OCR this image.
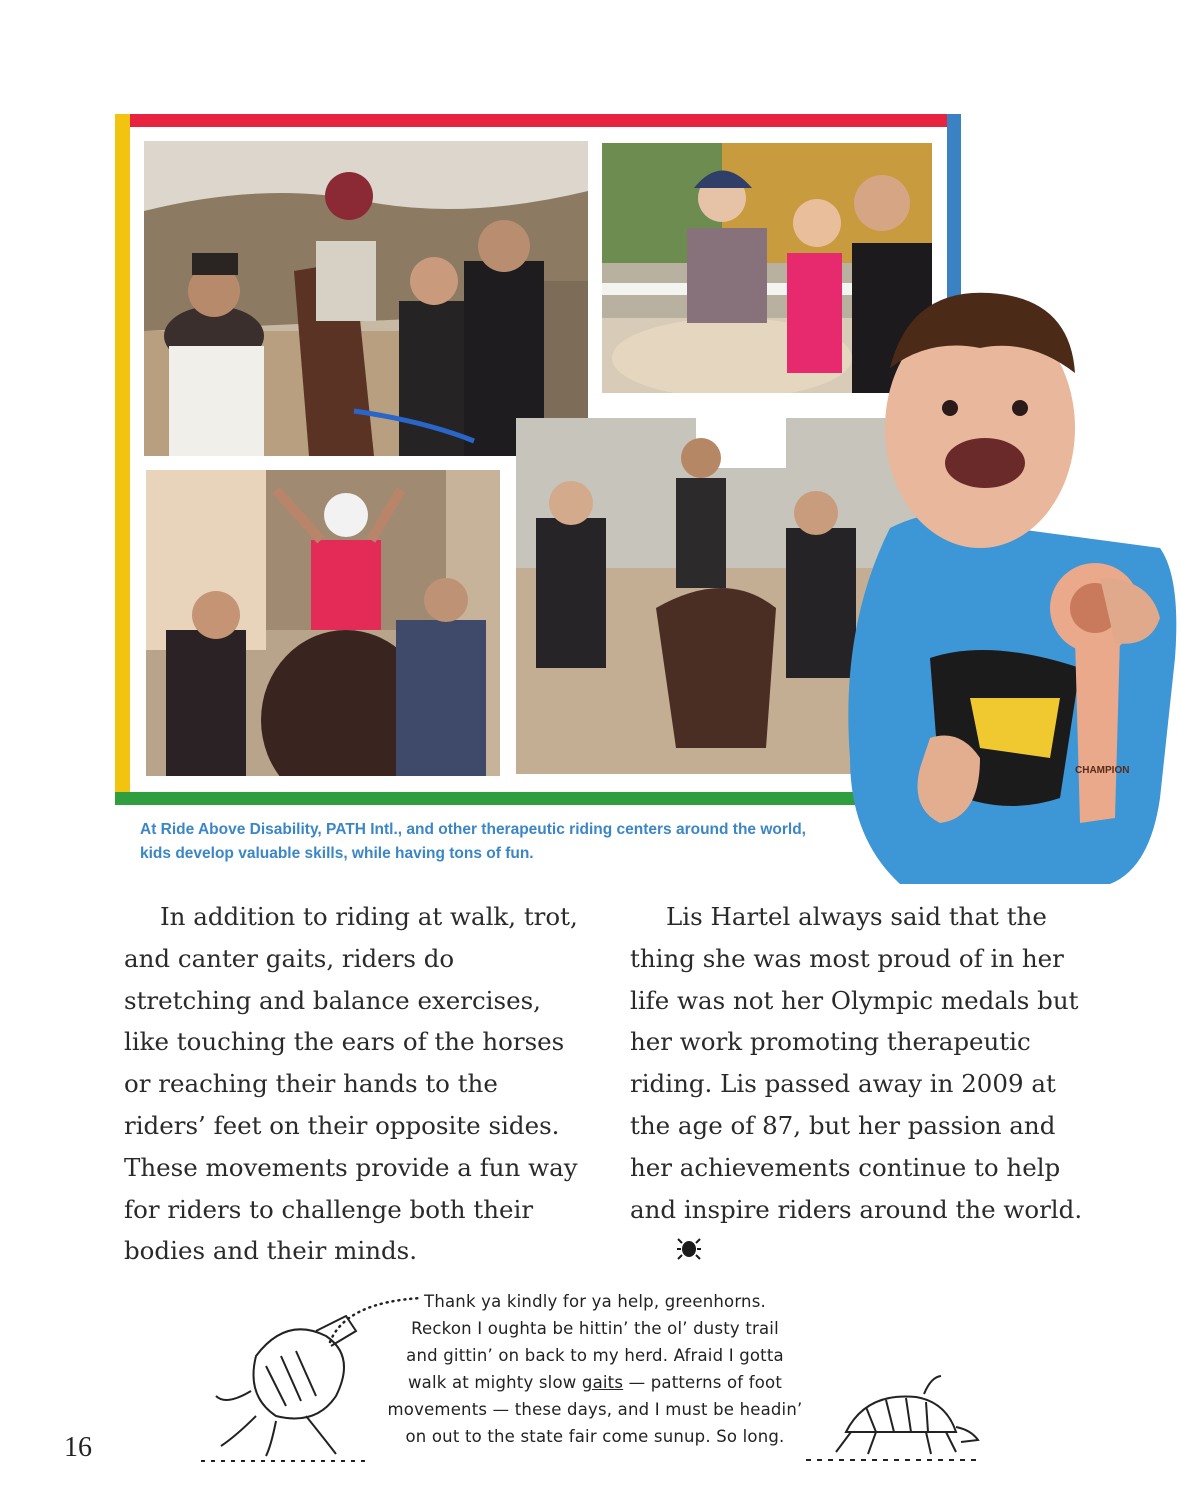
CHAMPION
At Ride Above Disability, PATH Intl., and other therapeutic riding centers around the world,
kids develop valuable skills, while having tons of fun.

In addition to riding at walk, trot, and canter gaits, riders do stretching and balance exercises, like touching the ears of the horses or reaching their hands to the riders’ feet on their opposite sides. These movements provide a fun way for riders to challenge both their bodies and their minds.

Lis Hartel always said that the thing she was most proud of in her life was not her Olympic medals but her work promoting therapeutic riding. Lis passed away in 2009 at the age of 87, but her passion and her achievements continue to help and inspire riders around the world.

Thank ya kindly for ya help, greenhorns.
Reckon I oughta be hittin’ the ol’ dusty trail
and gittin’ on back to my herd. Afraid I gotta
walk at mighty slow gaits — patterns of foot
movements — these days, and I must be headin’
on out to the state fair come sunup. So long.
16
